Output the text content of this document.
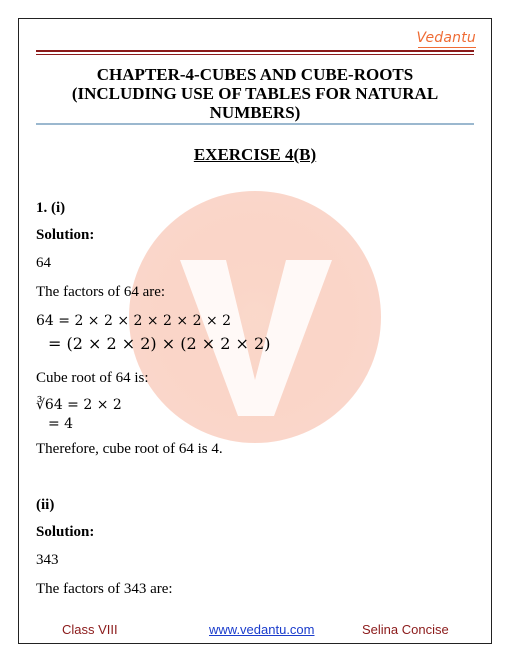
Vedantu
CHAPTER-4-CUBES AND CUBE-ROOTS
(INCLUDING USE OF TABLES FOR NATURAL
NUMBERS)
EXERCISE 4(B)
1. (i)
Solution:
64
The factors of 64 are:
64 = 2 × 2 × 2 × 2 × 2 × 2
= (2 × 2 × 2) × (2 × 2 × 2)
Cube root of 64 is:
∛64 = 2 × 2
= 4
Therefore, cube root of 64 is 4.
(ii)
Solution:
343
The factors of 343 are:
Class VIII	www.vedantu.com	Selina Concise
